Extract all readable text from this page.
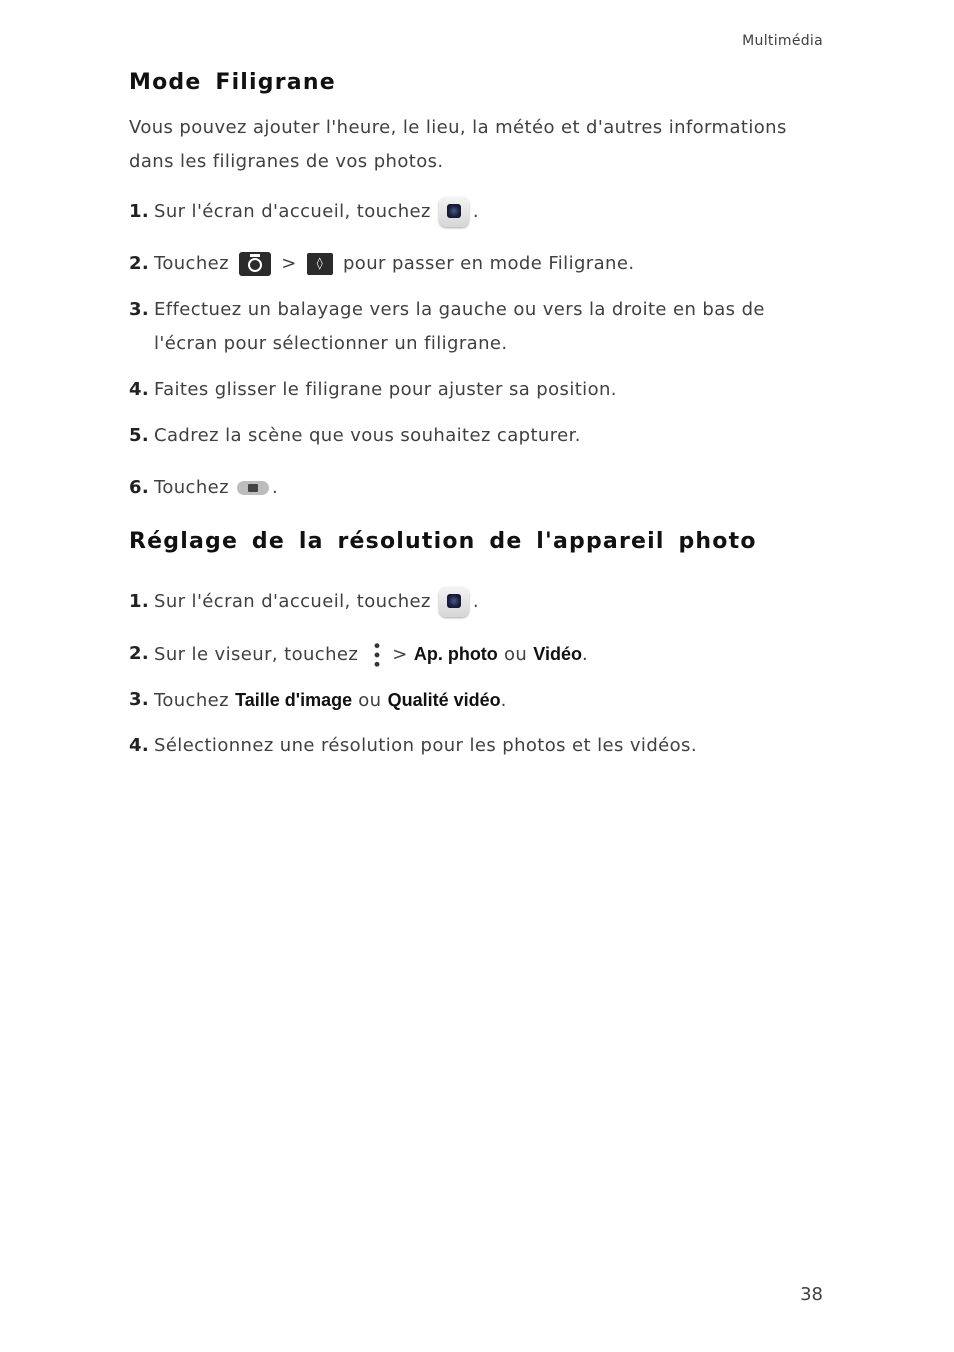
Multimédia
Mode Filigrane

Vous pouvez ajouter l'heure, le lieu, la météo et d'autres informations dans les filigranes de vos photos.

1. Sur l'écran d'accueil, touchez .
2. Touchez	> ◊ pour passer en mode Filigrane.
3. Effectuez un balayage vers la gauche ou vers la droite en bas de l'écran pour sélectionner un filigrane.
4. Faites glisser le filigrane pour ajuster sa position.
5. Cadrez la scène que vous souhaitez capturer.
6. Touchez .
Réglage de la résolution de l'appareil photo
1. Sur l'écran d'accueil, touchez .
2. Sur le viseur, touchez > Ap. photo ou Vidéo.
3. Touchez Taille d'image ou Qualité vidéo.
4. Sélectionnez une résolution pour les photos et les vidéos.
38
